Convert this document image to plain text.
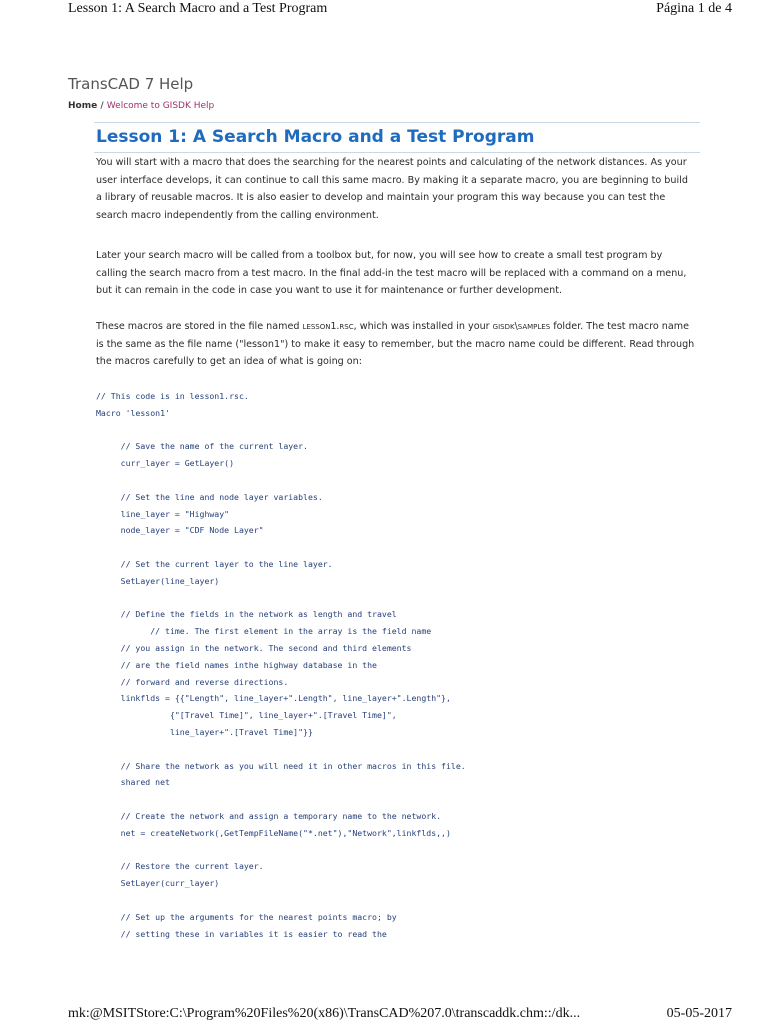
Lesson 1: A Search Macro and a Test Program	Página 1 de 4
TransCAD 7 Help
Home / Welcome to GISDK Help
Lesson 1: A Search Macro and a Test Program

You will start with a macro that does the searching for the nearest points and calculating of the network distances. As your user interface develops, it can continue to call this same macro. By making it a separate macro, you are beginning to build a library of reusable macros. It is also easier to develop and maintain your program this way because you can test the search macro independently from the calling environment.

Later your search macro will be called from a toolbox but, for now, you will see how to create a small test program by calling the search macro from a test macro. In the final add-in the test macro will be replaced with a command on a menu, but it can remain in the code in case you want to use it for maintenance or further development.

These macros are stored in the file named lesson1.rsc, which was installed in your gisdk\samples folder. The test macro name is the same as the file name ("lesson1") to make it easy to remember, but the macro name could be different. Read through the macros carefully to get an idea of what is going on:

// This code is in lesson1.rsc.
Macro 'lesson1'
// Save the name of the current layer.
curr_layer = GetLayer()
// Set the line and node layer variables.
line_layer = "Highway"
node_layer = "CDF Node Layer"
// Set the current layer to the line layer.
SetLayer(line_layer)
// Define the fields in the network as length and travel
// time. The first element in the array is the field name
// you assign in the network. The second and third elements
// are the field names inthe highway database in the
// forward and reverse directions.
linkflds = {{"Length", line_layer+".Length", line_layer+".Length"},
{"[Travel Time]", line_layer+".[Travel Time]",
line_layer+".[Travel Time]"}}
// Share the network as you will need it in other macros in this file.
shared net
// Create the network and assign a temporary name to the network.
net = createNetwork(,GetTempFileName("*.net"),"Network",linkflds,,)
// Restore the current layer.
SetLayer(curr_layer)
// Set up the arguments for the nearest points macro; by
// setting these in variables it is easier to read the
mk:@MSITStore:C:\Program%20Files%20(x86)\TransCAD%207.0\transcaddk.chm::/dk...	05-05-2017
